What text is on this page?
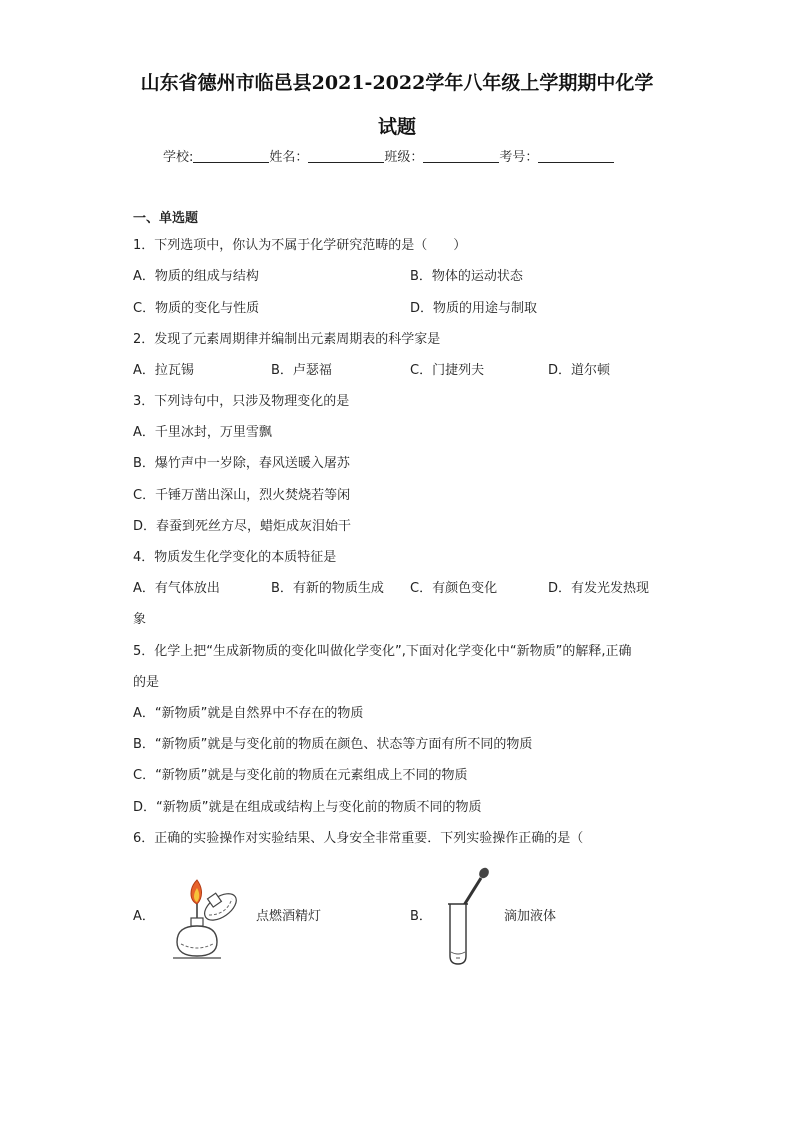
山东省德州市临邑县2021-2022学年八年级上学期期中化学
试题
学校:	姓名：	班级：	考号：
一、单选题
1．下列选项中，你认为不属于化学研究范畴的是（　　）
A．物质的组成与结构	B．物体的运动状态
C．物质的变化与性质	D．物质的用途与制取
2．发现了元素周期律并编制出元素周期表的科学家是
A．拉瓦锡	B．卢瑟福	C．门捷列夫	D．道尔顿
3．下列诗句中，只涉及物理变化的是
A．千里冰封，万里雪飘
B．爆竹声中一岁除，春风送暖入屠苏
C．千锤万凿出深山，烈火焚烧若等闲
D．春蚕到死丝方尽，蜡炬成灰泪始干
4．物质发生化学变化的本质特征是
A．有气体放出	B．有新的物质生成 C．有颜色变化	D．有发光发热现
象
5．化学上把“生成新物质的变化叫做化学变化”,下面对化学变化中“新物质”的解释,正确
的是
A．“新物质”就是自然界中不存在的物质
B．“新物质”就是与变化前的物质在颜色、状态等方面有所不同的物质
C．“新物质”就是与变化前的物质在元素组成上不同的物质
D．“新物质”就是在组成或结构上与变化前的物质不同的物质
6．正确的实验操作对实验结果、人身安全非常重要．下列实验操作正确的是（
A．	点燃酒精灯	B．	滴加液体
